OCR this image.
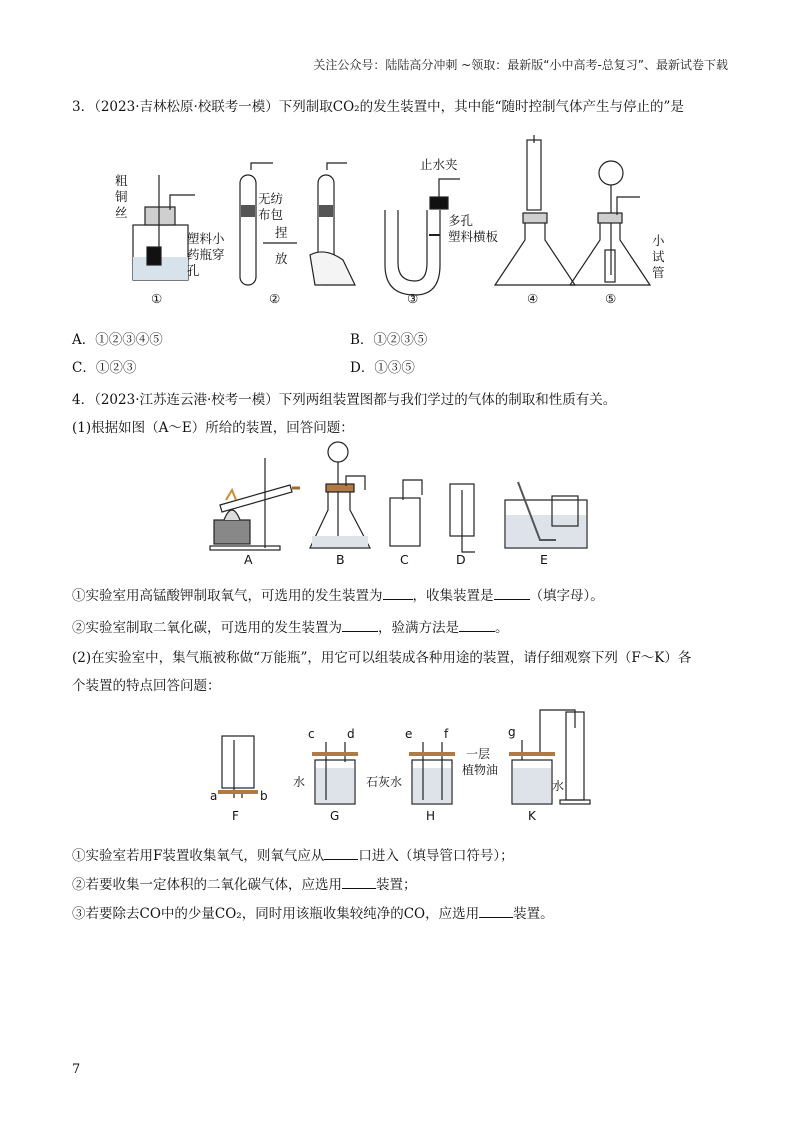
关注公众号：陆陆高分冲刺 ~领取：最新版“小中高考-总复习”、最新试卷下载
3．（2023·吉林松原·校联考一模）下列制取CO₂的发生装置中，其中能“随时控制气体产生与停止的”是
粗
铜
丝
塑料小
药瓶穿
孔
无纺
布包
捏
放
止水夹
多孔
塑料横板	小
试
管
①	②	③	④	⑤
A．①②③④⑤	B．①②③⑤
C．①②③	D．①③⑤
4．（2023·江苏连云港·校考一模）下列两组装置图都与我们学过的气体的制取和性质有关。
(1)根据如图（A～E）所给的装置，回答问题：
A	B	C	D	E
①实验室用高锰酸钾制取氧气，可选用的发生装置为 ，收集装置是	（填字母）。
②实验室制取二氧化碳，可选用的发生装置为	，验满方法是	。
(2)在实验室中，集气瓶被称做“万能瓶”，用它可以组装成各种用途的装置，请仔细观察下列（F～K）各
个装置的特点回答问题：
a	b
c	d	e	f	g
水	石灰水
一层
植物油
水
F	G	H	K
①实验室若用F装置收集氧气，则氧气应从	口进入（填导管口符号）；
②若要收集一定体积的二氧化碳气体，应选用	装置；
③若要除去CO中的少量CO₂，同时用该瓶收集较纯净的CO，应选用	装置。
7
